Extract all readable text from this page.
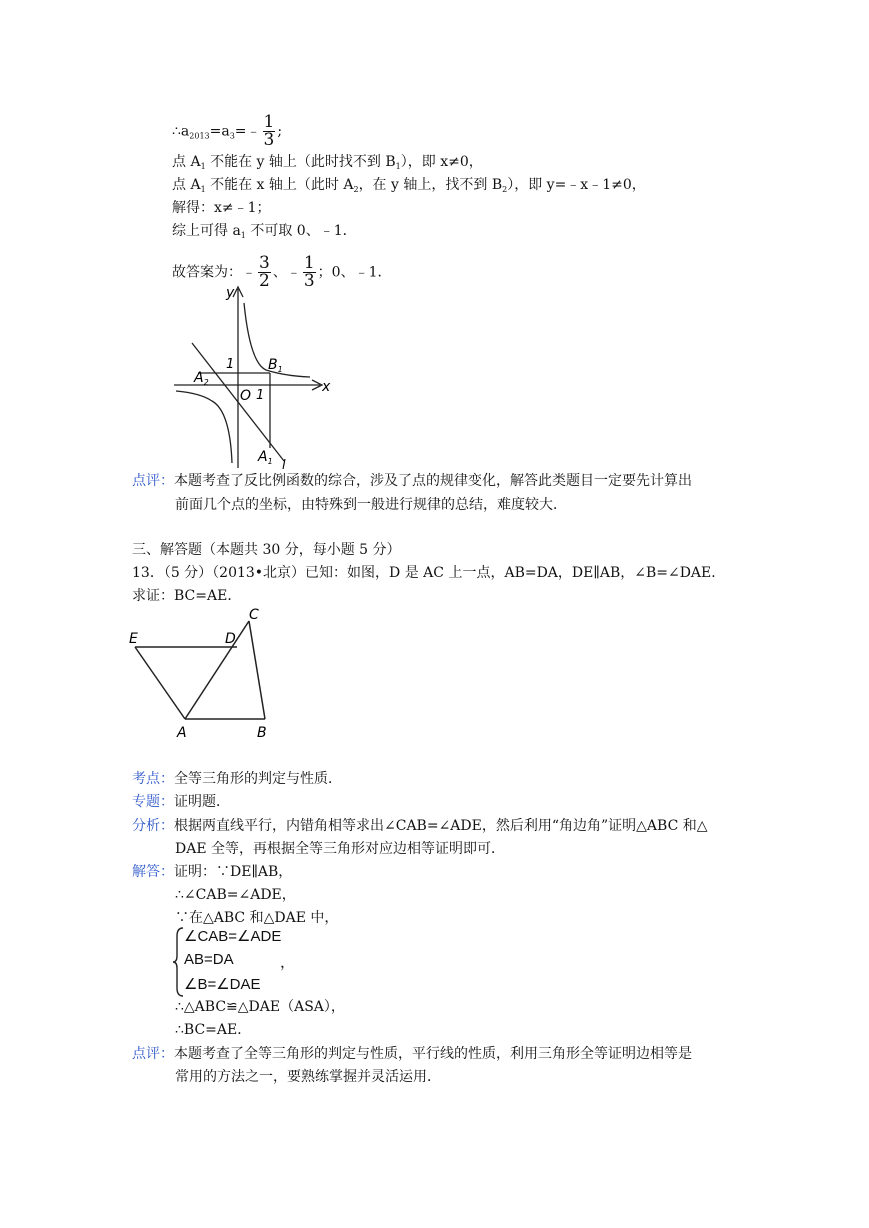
$\therefore a_{2013}=a_3=﹣ \frac{1}{3}$ ;
点 $A_1$ 不能在 y 轴上（此时找不到 $B_1$），即 x≠0，
点 $A_1$ 不能在 x 轴上（此时 $A_2$，在 y 轴上，找不到 $B_2$），即 y=﹣x﹣1≠0，
解得：x≠﹣1；
综上可得 $a_1$ 不可取 0、﹣1．
故答案为：﹣ $\frac{3}{2}$ 、﹣ $\frac{1}{3}$ ；0、﹣1．
y
x
1
1
O
$A_2$
$B_1$
$A_1$ l
点评：本题考查了反比例函数的综合，涉及了点的规律变化，解答此类题目一定要先计算出
前面几个点的坐标，由特殊到一般进行规律的总结，难度较大．
三、解答题（本题共 30 分，每小题 5 分）
13．（5 分）（2013•北京）已知：如图，D 是 AC 上一点，AB=DA，DE∥AB，∠B=∠DAE．
求证：BC=AE．
E	D
C
A	B
考点：全等三角形的判定与性质．
专题：证明题．
分析：根据两直线平行，内错角相等求出∠CAB=∠ADE，然后利用“角边角”证明△ABC 和△
DAE 全等，再根据全等三角形对应边相等证明即可．
解答：证明：∵DE∥AB，
∴∠CAB=∠ADE，
∵在△ABC 和△DAE 中，
∠CAB=∠ADE
AB=DA
∠B=∠DAE
，
∴△ABC≌△DAE（ASA），
∴BC=AE．
点评：本题考查了全等三角形的判定与性质，平行线的性质，利用三角形全等证明边相等是
常用的方法之一，要熟练掌握并灵活运用．
